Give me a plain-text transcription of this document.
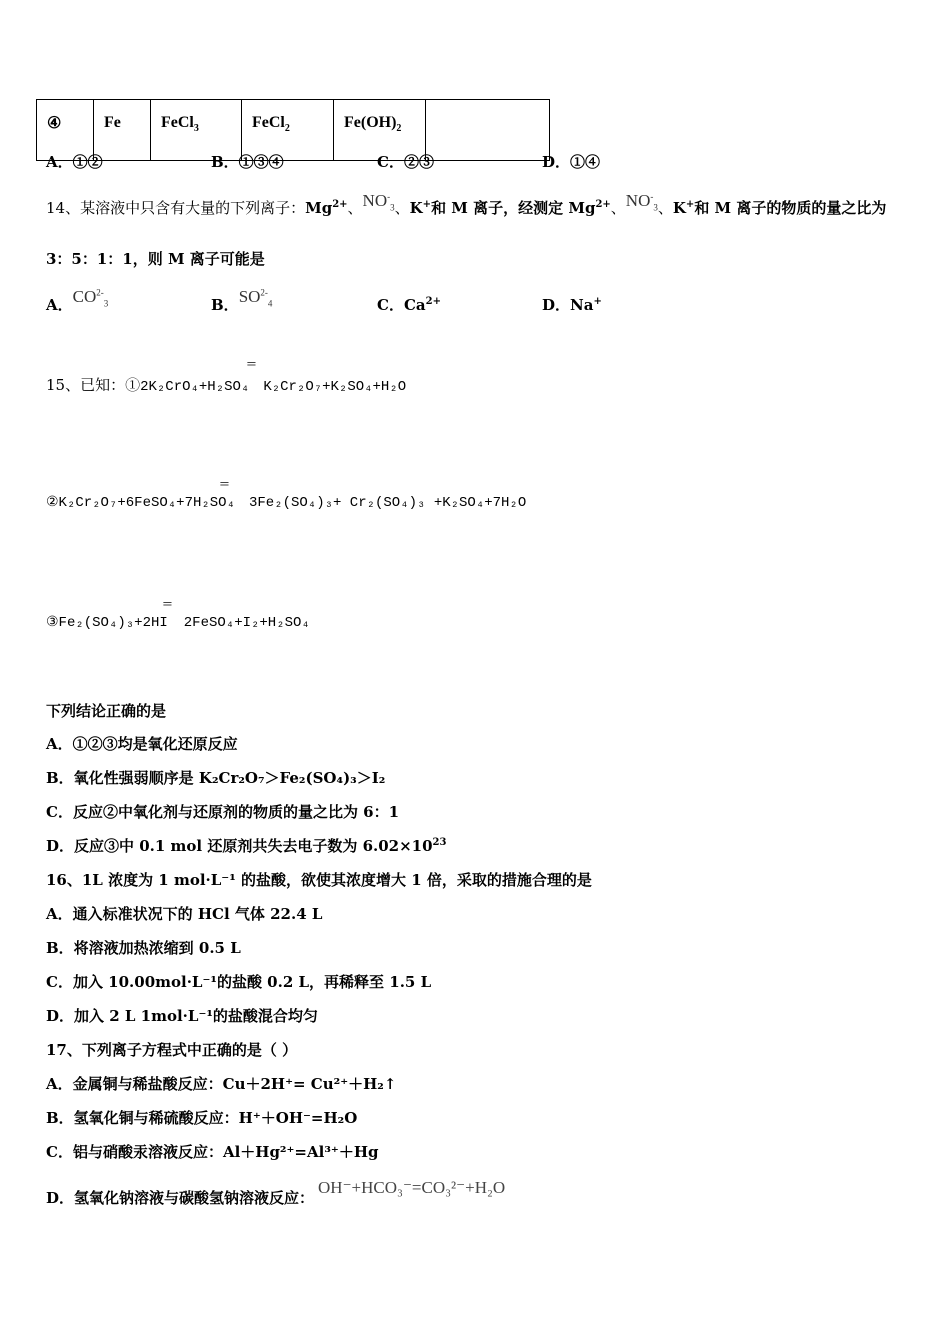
④	Fe	FeCl$_3$	FeCl$_2$	$Fe(OH)_2$	
A．①②	B．①③④	C．②③	D．①④
14、某溶液中只含有大量的下列离子：$Mg^{2+}$、$NO^-_3$、K+和 M 离子，经测定 $Mg^{2+}$、$NO^-_3$、K+和 M 离子的物质的量之比为
3：5：1：1，则 M 离子可能是
A．$CO^{2-}_3$	B．$SO^{2-}_4$	C．$Ca^{2+}$	D．Na+
15、已知：①2K₂CrO₄+H₂SO₄ K₂Cr₂O₇+K₂SO₄+H₂O
=
②K₂Cr₂O₇+6FeSO₄+7H₂SO₄ 3Fe₂(SO₄)₃+ Cr₂(SO₄)₃ +K₂SO₄+7H₂O
=
③Fe₂(SO₄)₃+2HI 2FeSO₄+I₂+H₂SO₄
=
下列结论正确的是
A．①②③均是氧化还原反应
B．氧化性强弱顺序是 K₂Cr₂O₇＞Fe₂(SO₄)₃＞I₂
C．反应②中氧化剂与还原剂的物质的量之比为 6：1
D．反应③中 0.1 mol 还原剂共失去电子数为 $6.02\times 10^{23}$
16、1L 浓度为 1 mol·L⁻¹ 的盐酸，欲使其浓度增大 1 倍，采取的措施合理的是
A．通入标准状况下的 HCl 气体 22.4 L
B．将溶液加热浓缩到 0.5 L
C．加入 10.00mol·L⁻¹的盐酸 0.2 L，再稀释至 1.5 L
D．加入 2 L 1mol·L⁻¹的盐酸混合均匀
17、下列离子方程式中正确的是（ ）
A．金属铜与稀盐酸反应：Cu＋2H⁺= Cu²⁺＋H₂↑
B．氢氧化铜与稀硫酸反应：H⁺＋OH⁻=H₂O
C．铝与硝酸汞溶液反应：Al＋Hg²⁺=Al³⁺＋Hg
D．氢氧化钠溶液与碳酸氢钠溶液反应：OH⁻+HCO₃⁻=CO₃²⁻+H₂O
